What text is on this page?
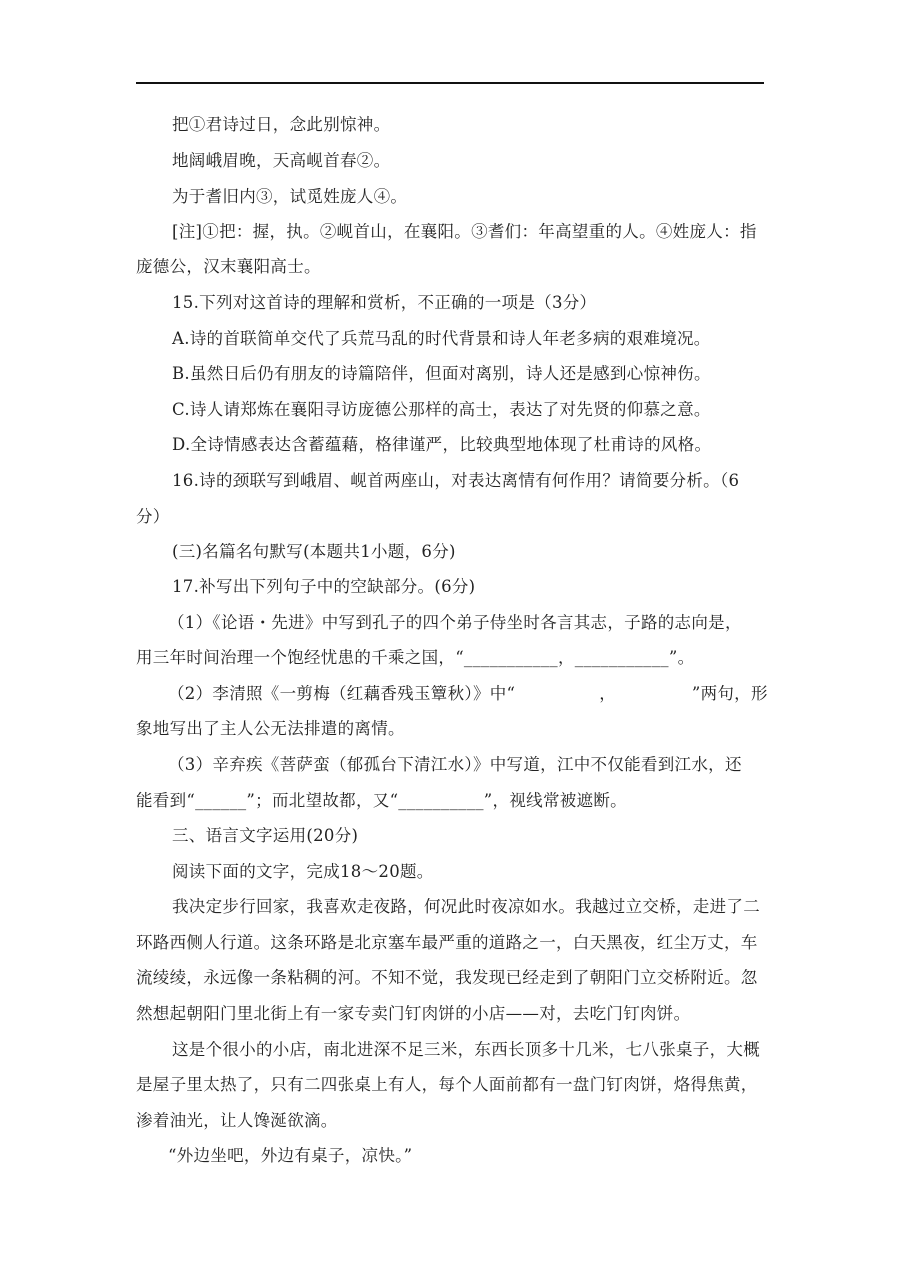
把①君诗过日，念此别惊神。
地阔峨眉晚，天高岘首春②。
为于耆旧内③，试觅姓庞人④。
[注]①把：握，执。②岘首山，在襄阳。③耆们：年高望重的人。④姓庞人：指
庞德公，汉末襄阳高士。
15.下列对这首诗的理解和赏析，不正确的一项是（3分）
A.诗的首联简单交代了兵荒马乱的时代背景和诗人年老多病的艰难境况。
B.虽然日后仍有朋友的诗篇陪伴，但面对离别，诗人还是感到心惊神伤。
C.诗人请郑炼在襄阳寻访庞德公那样的高士，表达了对先贤的仰慕之意。
D.全诗情感表达含蓄蕴藉，格律谨严，比较典型地体现了杜甫诗的风格。
16.诗的颈联写到峨眉、岘首两座山，对表达离情有何作用？请简要分析。（6
分）
(三)名篇名句默写(本题共1小题，6分)
17.补写出下列句子中的空缺部分。(6分)
（1）《论语・先进》中写到孔子的四个弟子侍坐时各言其志，子路的志向是，
用三年时间治理一个饱经忧患的千乘之国，“___________，___________”。
（2）李清照《一剪梅（红藕香残玉簟秋）》中“　　　　　，　　　　　”两句，形
象地写出了主人公无法排遣的离情。
（3）辛弃疾《菩萨蛮（郁孤台下清江水）》中写道，江中不仅能看到江水，还
能看到“______”；而北望故都，又“__________”，视线常被遮断。
三、语言文字运用(20分)
阅读下面的文字，完成18～20题。
我决定步行回家，我喜欢走夜路，何况此时夜凉如水。我越过立交桥，走进了二
环路西侧人行道。这条环路是北京塞车最严重的道路之一，白天黑夜，红尘万丈，车
流绫绫，永远像一条粘稠的河。不知不觉，我发现已经走到了朝阳门立交桥附近。忽
然想起朝阳门里北街上有一家专卖门钉肉饼的小店——对，去吃门钉肉饼。
这是个很小的小店，南北进深不足三米，东西长顶多十几米，七八张桌子，大概
是屋子里太热了，只有二四张桌上有人，每个人面前都有一盘门钉肉饼，烙得焦黄，
渗着油光，让人馋涎欲滴。
“外边坐吧，外边有桌子，凉快。”
